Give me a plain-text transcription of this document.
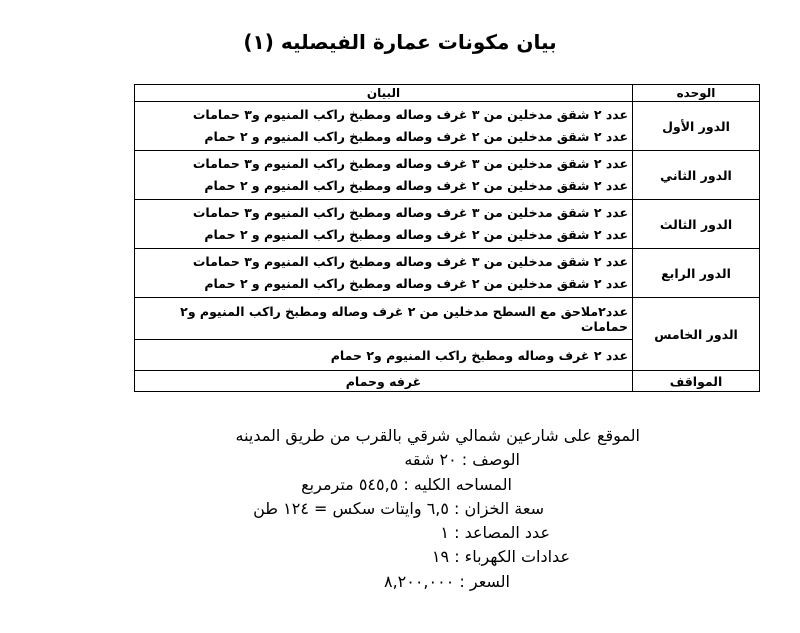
بيان مكونات عمارة الفيصليه (١)
الوحده	البيان
الدور الأول	عدد ٢ شقق مدخلين من ٣ غرف وصاله ومطبخ راكب المنيوم و٣ حمامات
عدد ٢ شقق مدخلين من ٢ غرف وصاله ومطبخ راكب المنيوم و ٢ حمام

الدور الثاني	عدد ٢ شقق مدخلين من ٣ غرف وصاله ومطبخ راكب المنيوم و٣ حمامات
عدد ٢ شقق مدخلين من ٢ غرف وصاله ومطبخ راكب المنيوم و ٢ حمام

الدور الثالث	عدد ٢ شقق مدخلين من ٣ غرف وصاله ومطبخ راكب المنيوم و٣ حمامات
عدد ٢ شقق مدخلين من ٢ غرف وصاله ومطبخ راكب المنيوم و ٢ حمام

الدور الرابع	عدد ٢ شقق مدخلين من ٣ غرف وصاله ومطبخ راكب المنيوم و٣ حمامات
عدد ٢ شقق مدخلين من ٢ غرف وصاله ومطبخ راكب المنيوم و ٢ حمام

الدور الخامس	عدد٢ملاحق مع السطح مدخلين من ٢ غرف وصاله ومطبخ راكب المنيوم و٢ حمامات
	عدد ٢ غرف وصاله ومطبخ راكب المنيوم و٢ حمام
المواقف	غرفه وحمام
الموقع على شارعين شمالي شرقي بالقرب من طريق المدينه
الوصف : ٢٠ شقه
المساحه الكليه : ٥٤٥,٥ مترمربع
سعة الخزان : ٦,٥ وايتات سكس = ١٢٤ طن
عدد المصاعد : ١
عدادات الكهرباء : ١٩
السعر : ٨,٢٠٠,٠٠٠
